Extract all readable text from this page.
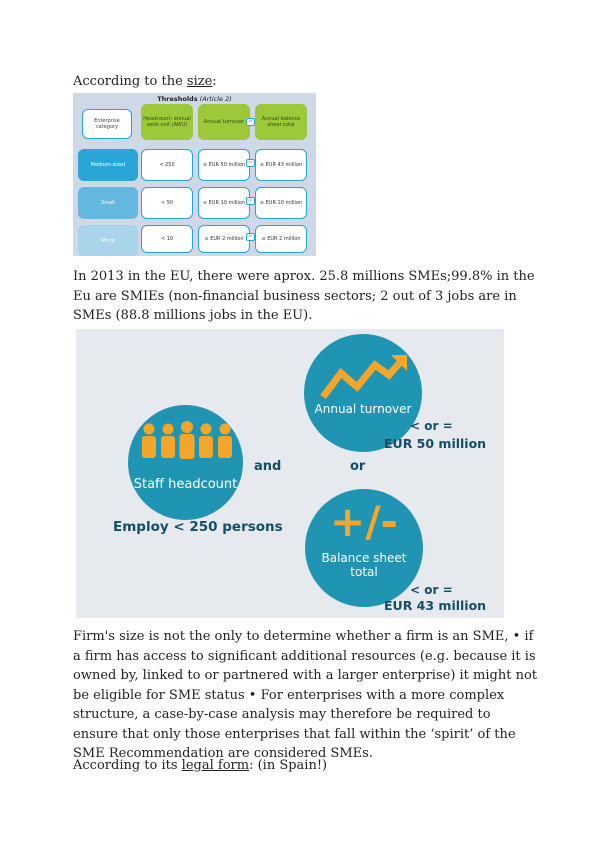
According to the size:
Thresholds (Article 2)
Enterprise category
Headcount: annual work unit (AWU)	Annual turnover	Annual balance sheet total
or
Medium-sized	< 250	≤ EUR 50 million	≤ EUR 43 million
or
Small	< 50	≤ EUR 10 million	≤ EUR 10 million
or
Micro	< 10	≤ EUR 2 million	≤ EUR 2 million
or
In 2013 in the EU, there were aprox. 25.8 millions SMEs;99.8% in the Eu are SMIEs (non-financial business sectors; 2 out of 3 jobs are in SMEs (88.8 millions jobs in the EU).
Staff headcount
Employ < 250 persons
and	or
Annual turnover
< or =
EUR 50 million
+/-
Balance sheet
total
< or =
EUR 43 million
Firm's size is not the only to determine whether a firm is an SME, • if a firm has access to significant additional resources (e.g. because it is owned by, linked to or partnered with a larger enterprise) it might not be eligible for SME status • For enterprises with a more complex structure, a case-by-case analysis may therefore be required to ensure that only those enterprises that fall within the ‘spirit’ of the SME Recommendation are considered SMEs.
According to its legal form: (in Spain!)
